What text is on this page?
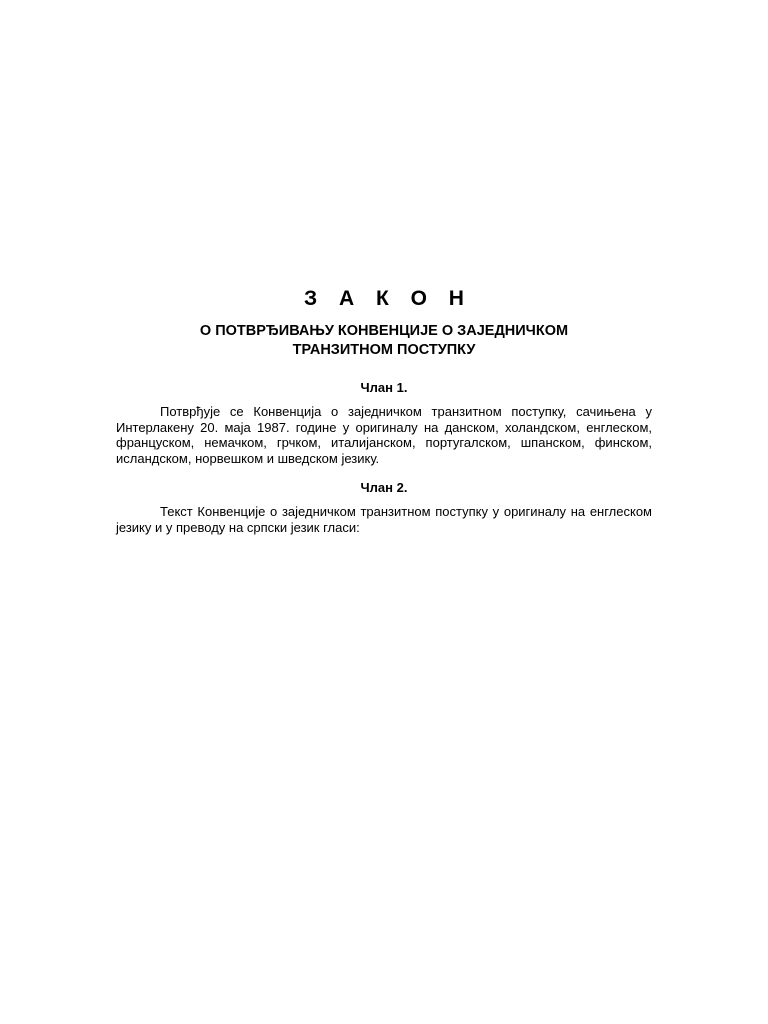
З А К О Н
О ПОТВРЂИВАЊУ КОНВЕНЦИЈЕ О ЗАЈЕДНИЧКОМ
ТРАНЗИТНОМ ПОСТУПКУ
Члан 1.

Потврђује се Конвенција о заједничком транзитном поступку, сачињена у Интерлакену 20. маја 1987. године у оригиналу на данском, холандском, енглеском, француском, немачком, грчком, италијанском, португалском, шпанском, финском, исландском, норвешком и шведском језику.

Члан 2.

Текст Конвенције о заједничком транзитном поступку у оригиналу на енглеском језику и у преводу на српски језик гласи:
